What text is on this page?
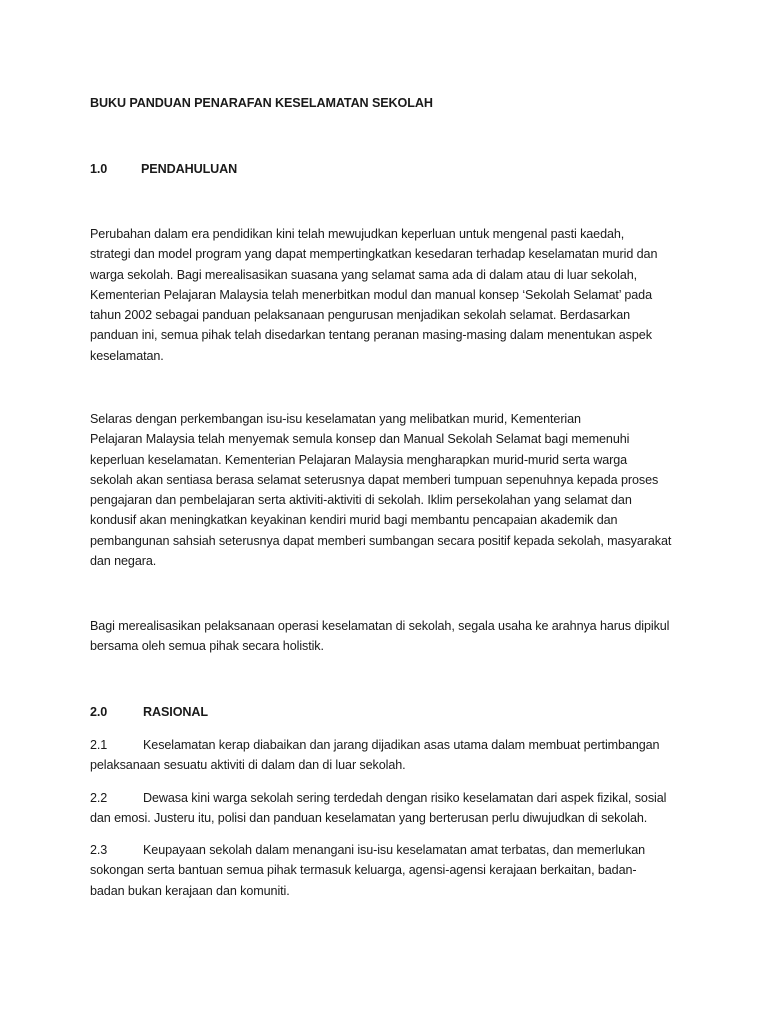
BUKU PANDUAN PENARAFAN KESELAMATAN SEKOLAH

1.0	PENDAHULUAN

Perubahan dalam era pendidikan kini telah mewujudkan keperluan untuk mengenal pasti kaedah,
strategi dan model program yang dapat mempertingkatkan kesedaran terhadap keselamatan murid dan
warga sekolah. Bagi merealisasikan suasana yang selamat sama ada di dalam atau di luar sekolah,
Kementerian Pelajaran Malaysia telah menerbitkan modul dan manual konsep ‘Sekolah Selamat’ pada
tahun 2002 sebagai panduan pelaksanaan pengurusan menjadikan sekolah selamat. Berdasarkan
panduan ini, semua pihak telah disedarkan tentang peranan masing-masing dalam menentukan aspek
keselamatan.

Selaras dengan perkembangan isu-isu keselamatan yang melibatkan murid, Kementerian
Pelajaran Malaysia telah menyemak semula konsep dan Manual Sekolah Selamat bagi memenuhi
keperluan keselamatan. Kementerian Pelajaran Malaysia mengharapkan murid-murid serta warga
sekolah akan sentiasa berasa selamat seterusnya dapat memberi tumpuan sepenuhnya kepada proses
pengajaran dan pembelajaran serta aktiviti-aktiviti di sekolah. Iklim persekolahan yang selamat dan
kondusif akan meningkatkan keyakinan kendiri murid bagi membantu pencapaian akademik dan
pembangunan sahsiah seterusnya dapat memberi sumbangan secara positif kepada sekolah, masyarakat
dan negara.

Bagi merealisasikan pelaksanaan operasi keselamatan di sekolah, segala usaha ke arahnya harus dipikul
bersama oleh semua pihak secara holistik.

2.0	RASIONAL

2.1	Keselamatan kerap diabaikan dan jarang dijadikan asas utama dalam membuat pertimbangan
pelaksanaan sesuatu aktiviti di dalam dan di luar sekolah.
2.2	Dewasa kini warga sekolah sering terdedah dengan risiko keselamatan dari aspek fizikal, sosial
dan emosi. Justeru itu, polisi dan panduan keselamatan yang berterusan perlu diwujudkan di sekolah.
2.3	Keupayaan sekolah dalam menangani isu-isu keselamatan amat terbatas, dan memerlukan
sokongan serta bantuan semua pihak termasuk keluarga, agensi-agensi kerajaan berkaitan, badan-
badan bukan kerajaan dan komuniti.
